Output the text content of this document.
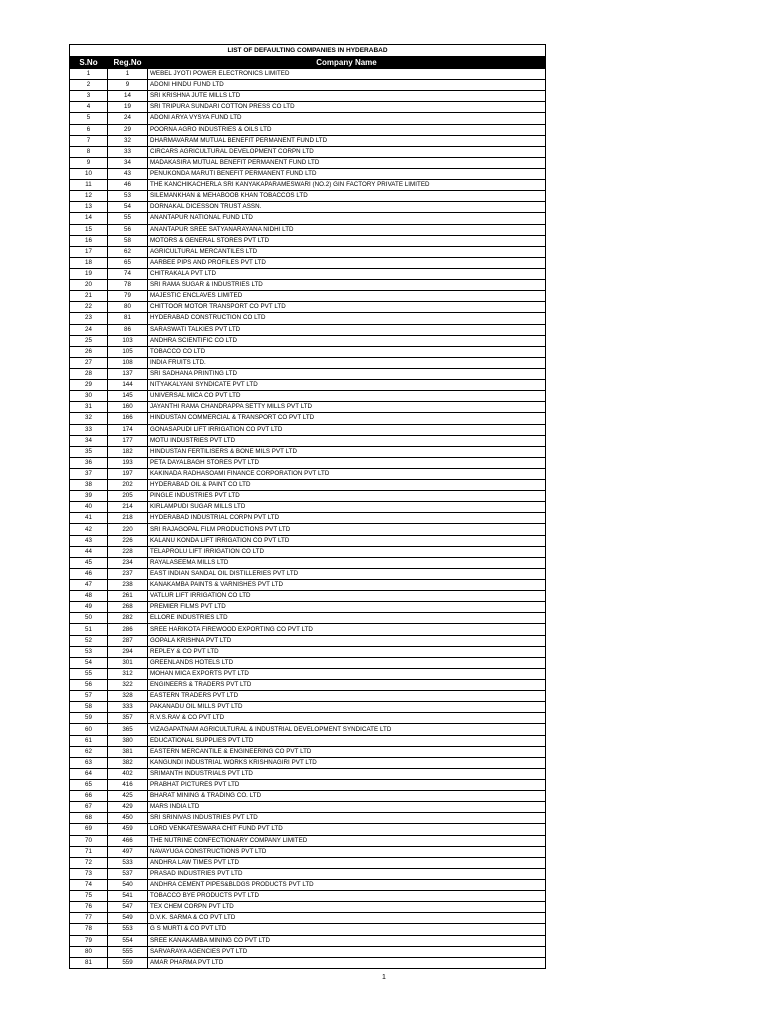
LIST OF DEFAULTING COMPANIES IN HYDERABAD		
S.No	Reg.No	Company Name
1	1	WEBEL JYOTI POWER ELECTRONICS LIMITED
2	9	ADONI HINDU FUND LTD
3	14	SRI KRISHNA JUTE MILLS LTD
4	19	SRI TRIPURA SUNDARI COTTON PRESS CO LTD
5	24	ADONI ARYA VYSYA FUND LTD
6	29	POORNA AGRO INDUSTRIES & OILS LTD
7	32	DHARMAVARAM MUTUAL BENEFIT PERMANENT FUND LTD
8	33	CIRCARS AGRICULTURAL DEVELOPMENT CORPN LTD
9	34	MADAKASIRA MUTUAL BENEFIT PERMANENT FUND LTD
10	43	PENUKONDA MARUTI BENEFIT PERMANENT FUND LTD
11	46	THE KANCHIKACHERLA SRI KANYAKAPARAMESWARI (NO.2) GIN FACTORY PRIVATE LIMITED
12	53	SILEMANKHAN & MEHABOOB KHAN TOBACCOS LTD
13	54	DORNAKAL DICESSON TRUST ASSN.
14	55	ANANTAPUR NATIONAL FUND LTD
15	56	ANANTAPUR SREE SATYANARAYANA NIDHI LTD
16	58	MOTORS & GENERAL STORES PVT LTD
17	62	AGRICULTURAL MERCANTILES LTD
18	65	AARBEE PIPS AND PROFILES PVT LTD
19	74	CHITRAKALA PVT LTD
20	78	SRI RAMA SUGAR & INDUSTRIES LTD
21	79	MAJESTIC ENCLAVES LIMITED
22	80	CHITTOOR MOTOR TRANSPORT CO PVT LTD
23	81	HYDERABAD CONSTRUCTION CO LTD
24	86	SARASWATI TALKIES PVT LTD
25	103	ANDHRA SCIENTIFIC CO LTD
26	105	TOBACCO CO LTD
27	108	INDIA FRUITS LTD.
28	137	SRI SADHANA PRINTING LTD
29	144	NITYAKALYANI SYNDICATE PVT LTD
30	145	UNIVERSAL MICA CO PVT LTD
31	160	JAYANTHI RAMA CHANDRAPPA SETTY MILLS PVT LTD
32	166	HINDUSTAN COMMERCIAL & TRANSPORT CO PVT LTD
33	174	GONASAPUDI LIFT IRRIGATION CO PVT LTD
34	177	MOTU INDUSTRIES PVT LTD
35	182	HINDUSTAN FERTILISERS & BONE MILS PVT LTD
36	193	PETA DAYALBAGH STORES PVT LTD
37	197	KAKINADA RADHASOAMI FINANCE CORPORATION PVT LTD
38	202	HYDERABAD OIL & PAINT CO LTD
39	205	PINGLE INDUSTRIES PVT LTD
40	214	KIRLAMPUDI SUGAR MILLS LTD
41	218	HYDERABAD INDUSTRIAL CORPN PVT LTD
42	220	SRI RAJAGOPAL FILM PRODUCTIONS PVT LTD
43	226	KALANU KONDA LIFT IRRIGATION CO PVT LTD
44	228	TELAPROLU LIFT IRRIGATION CO LTD
45	234	RAYALASEEMA MILLS LTD
46	237	EAST INDIAN SANDAL OIL DISTILLERIES PVT LTD
47	238	KANAKAMBA PAINTS & VARNISHES PVT LTD
48	261	VATLUR LIFT IRRIGATION CO LTD
49	268	PREMIER FILMS PVT LTD
50	282	ELLORE INDUSTRIES LTD
51	286	SREE HARIKOTA FIREWOOD EXPORTING CO PVT LTD
52	287	GOPALA KRISHNA PVT LTD
53	294	REPLEY & CO PVT LTD
54	301	GREENLANDS HOTELS LTD
55	312	MOHAN MICA EXPORTS PVT LTD
56	322	ENGINEERS & TRADERS PVT LTD
57	328	EASTERN TRADERS PVT LTD
58	333	PAKANADU OIL MILLS PVT LTD
59	357	R.V.S.RAV & CO PVT LTD
60	365	VIZAGAPATNAM AGRICULTURAL & INDUSTRIAL DEVELOPMENT SYNDICATE LTD
61	380	EDUCATIONAL SUPPLIES PVT LTD
62	381	EASTERN MERCANTILE & ENGINEERING CO PVT LTD
63	382	KANGUNDI INDUSTRIAL WORKS KRISHNAGIRI PVT LTD
64	402	SRIMANTH INDUSTRIALS PVT LTD
65	416	PRABHAT PICTURES PVT LTD
66	425	BHARAT MINING & TRADING CO. LTD
67	429	MARS INDIA LTD
68	450	SRI SRINIVAS INDUSTRIES PVT LTD
69	459	LORD VENKATESWARA CHIT FUND PVT LTD
70	466	THE NUTRINE CONFECTIONARY COMPANY LIMITED
71	497	NAVAYUGA CONSTRUCTIONS PVT LTD
72	533	ANDHRA LAW TIMES PVT LTD
73	537	PRASAD INDUSTRIES PVT LTD
74	540	ANDHRA CEMENT PIPES&BLDGS PRODUCTS PVT LTD
75	541	TOBACCO BYE PRODUCTS PVT LTD
76	547	TEX CHEM CORPN PVT LTD
77	549	D.V.K. SARMA & CO PVT LTD
78	553	G S MURTI & CO PVT LTD
79	554	SREE KANAKAMBA MINING CO PVT LTD
80	555	SARVARAYA AGENCIES PVT LTD
81	559	AMAR PHARMA PVT LTD
1
